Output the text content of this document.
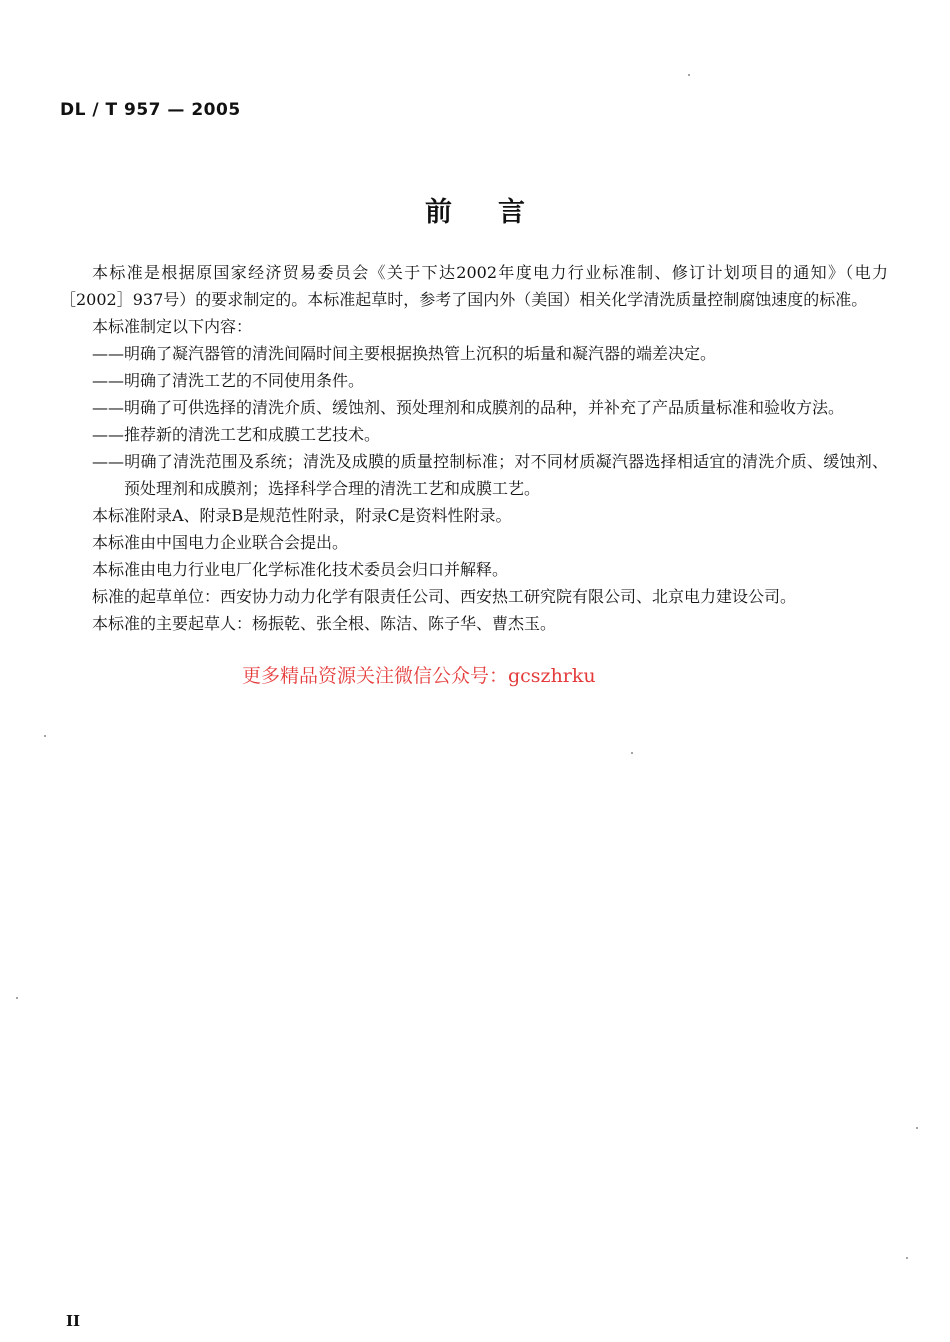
DL / T 957 — 2005
前言

本标准是根据原国家经济贸易委员会《关于下达2002年度电力行业标准制、修订计划项目的通知》（电力［2002］937号）的要求制定的。本标准起草时，参考了国内外（美国）相关化学清洗质量控制腐蚀速度的标准。

本标准制定以下内容：

——明确了凝汽器管的清洗间隔时间主要根据换热管上沉积的垢量和凝汽器的端差决定。

——明确了清洗工艺的不同使用条件。

——明确了可供选择的清洗介质、缓蚀剂、预处理剂和成膜剂的品种，并补充了产品质量标准和验收方法。

——推荐新的清洗工艺和成膜工艺技术。

——明确了清洗范围及系统；清洗及成膜的质量控制标准；对不同材质凝汽器选择相适宜的清洗介质、缓蚀剂、预处理剂和成膜剂；选择科学合理的清洗工艺和成膜工艺。

本标准附录A、附录B是规范性附录，附录C是资料性附录。

本标准由中国电力企业联合会提出。

本标准由电力行业电厂化学标准化技术委员会归口并解释。

标准的起草单位：西安协力动力化学有限责任公司、西安热工研究院有限公司、北京电力建设公司。

本标准的主要起草人：杨振乾、张全根、陈洁、陈子华、曹杰玉。

更多精品资源关注微信公众号：gcszhrku
II
